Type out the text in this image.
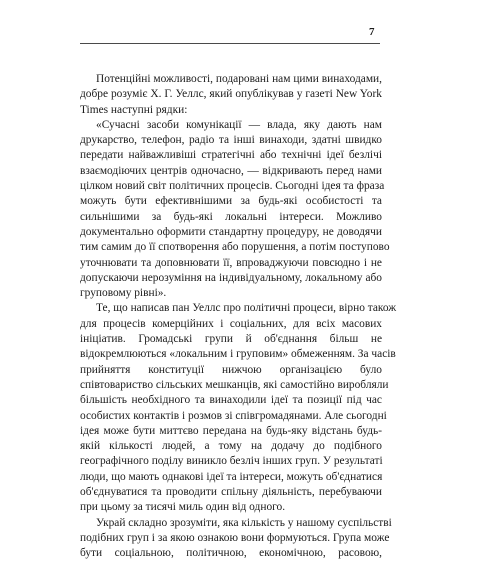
7

Потенційні можливості, подаровані нам цими винаходами,
добре розуміє Х. Г. Уеллс, який опублікував у газеті New York
Times наступні рядки:

«Сучасні засоби комунікації — влада, яку дають нам
друкарство, телефон, радіо та інші винаходи, здатні швидко
передати найважливіші стратегічні або технічні ідеї безлічі
взаємодіючих центрів одночасно, — відкривають перед нами
цілком новий світ політичних процесів. Сьогодні ідея та фраза
можуть бути ефективнішими за будь-які особистості та
сильнішими за будь-які локальні інтереси. Можливо
документально оформити стандартну процедуру, не доводячи
тим самим до її спотворення або порушення, а потім поступово
уточнювати та доповнювати її, впроваджуючи повсюдно і не
допускаючи нерозуміння на індивідуальному, локальному або
груповому рівні».

Те, що написав пан Уеллс про політичні процеси, вірно також
для процесів комерційних і соціальних, для всіх масових
ініціатив. Громадські групи й об'єднання більш не
відокремлюються «локальним і груповим» обмеженням. За часів
прийняття конституції нижчою організацією було
співтовариство сільських мешканців, які самостійно виробляли
більшість необхідного та винаходили ідеї та позиції під час
особистих контактів і розмов зі співгромадянами. Але сьогодні
ідея може бути миттєво передана на будь-яку відстань будь-
якій кількості людей, а тому на додачу до подібного
географічного поділу виникло безліч інших груп. У результаті
люди, що мають однакові ідеї та інтереси, можуть об'єднатися
об'єднуватися та проводити спільну діяльність, перебуваючи
при цьому за тисячі миль один від одного.

Украй складно зрозуміти, яка кількість у нашому суспільстві
подібних груп і за якою ознакою вони формуються. Група може
бути соціальною, політичною, економічною, расовою,
